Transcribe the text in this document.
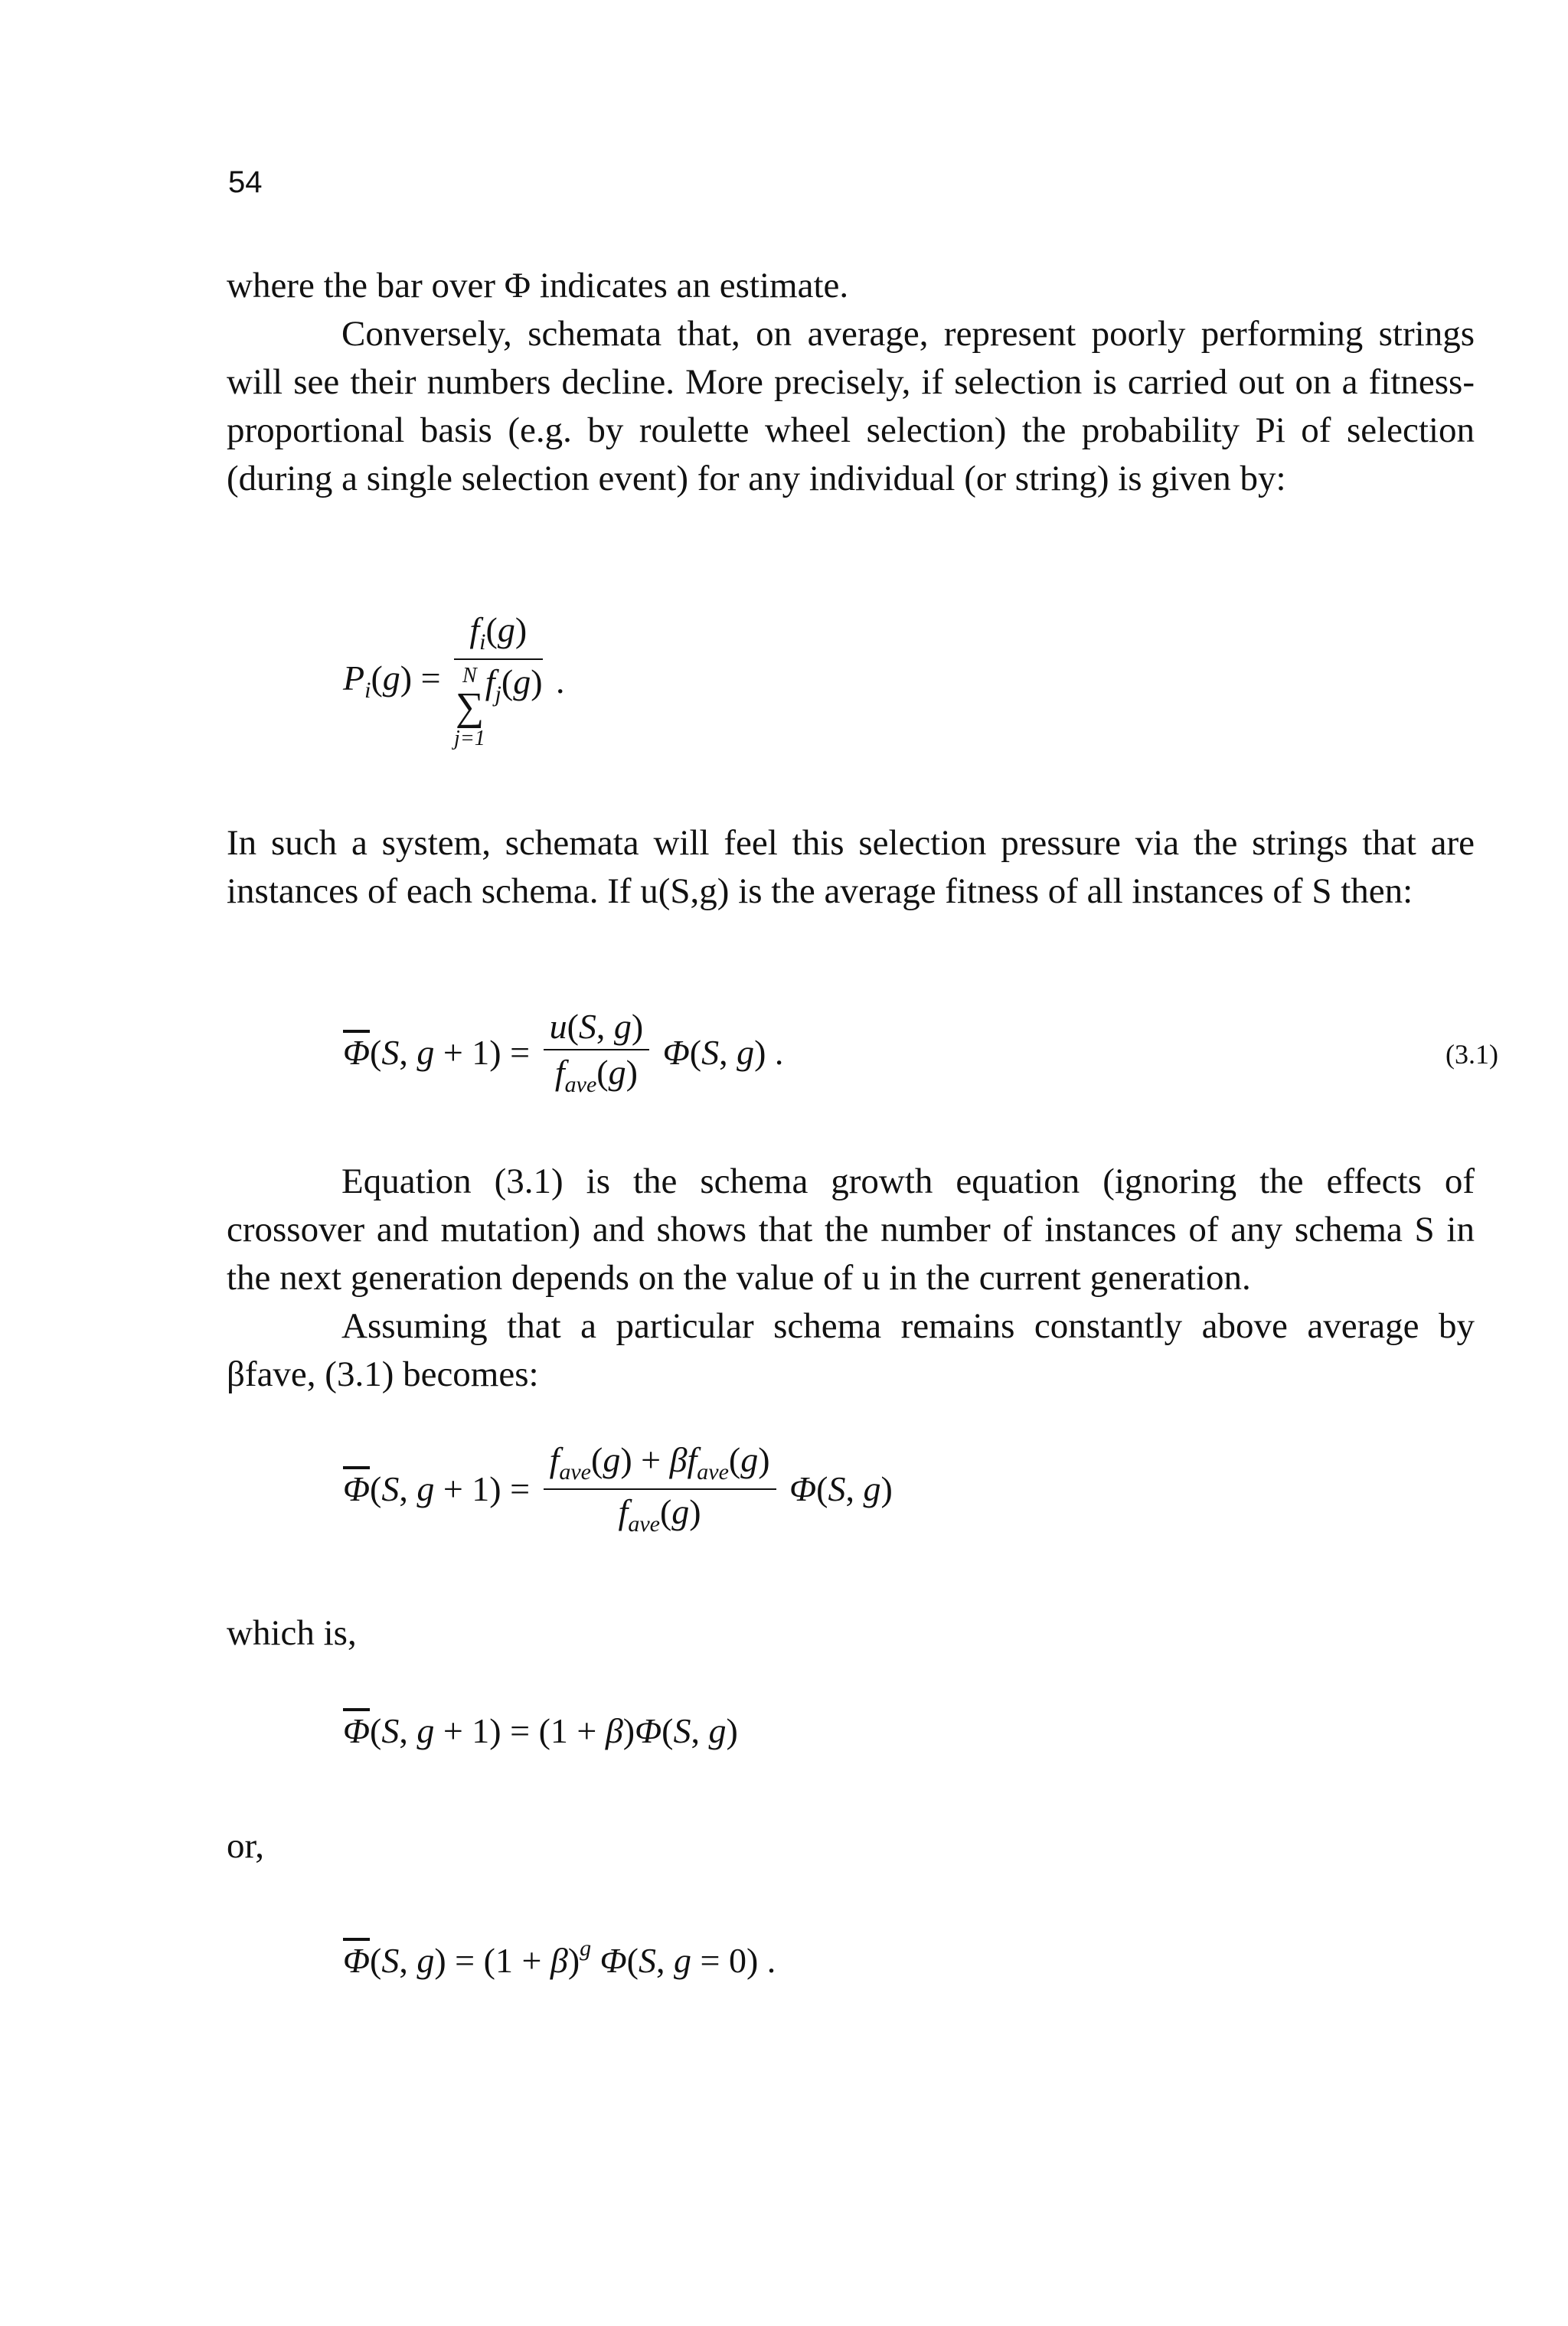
54

where the bar over Φ indicates an estimate.

Conversely, schemata that, on average, represent poorly performing strings will see their numbers decline. More precisely, if selection is carried out on a fitness-proportional basis (e.g. by roulette wheel selection) the probability Pi of selection (during a single selection event) for any individual (or string) is given by:

$P_i(g) = f_i(g)$
N
∑
j=1
$f_j(g)$ .

In such a system, schemata will feel this selection pressure via the strings that are instances of each schema. If u(S,g) is the average fitness of all instances of S then:

$\overline{\Phi}(S$, $g + 1) = \frac{u(S, g)}{f_{ave}(g)} \Phi(S$, g) .	(3.1)

Equation (3.1) is the schema growth equation (ignoring the effects of crossover and mutation) and shows that the number of instances of any schema S in the next generation depends on the value of u in the current generation.

Assuming that a particular schema remains constantly above average by βfave, (3.1) becomes:

$\overline{\Phi}(S$, $g + 1) = \frac{f_{ave}(g) + \beta f_{ave}(g)}{f_{ave}(g)} \Phi(S$, g)

which is,

$\overline{\Phi}(S$, g + 1) = (1 + β)Φ(S, g)

or,

$\overline{\Phi}(S$, $g) = (1 + \beta)^g$ Φ(S, g = 0) .
